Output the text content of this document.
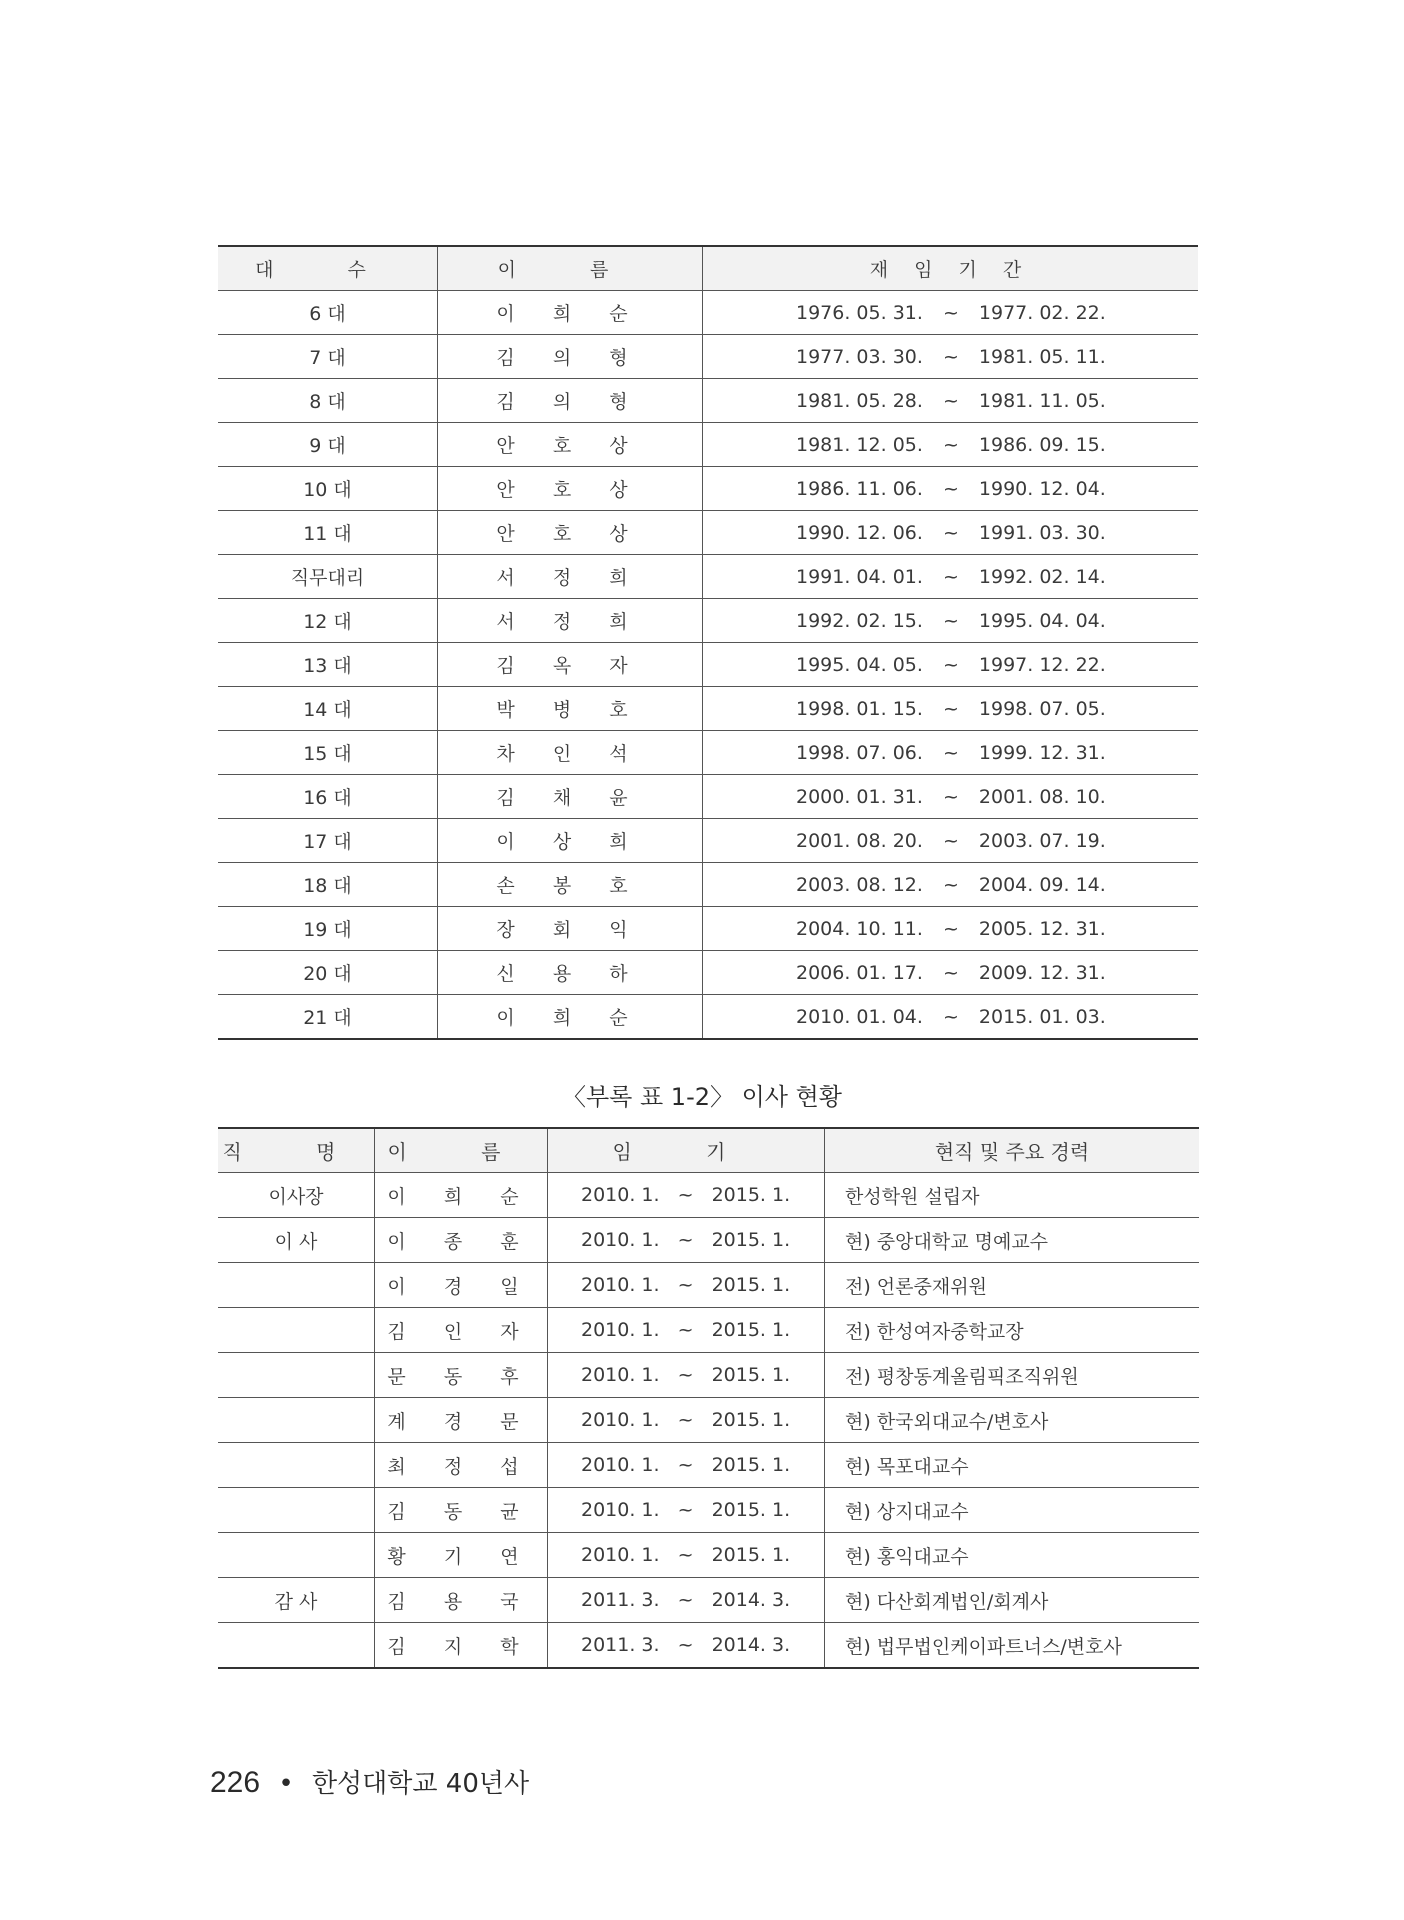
대 수	이 름	재 임 기 간
6 대	이 희 순	1976. 05. 31. ~ 1977. 02. 22.
7 대	김 의 형	1977. 03. 30. ~ 1981. 05. 11.
8 대	김 의 형	1981. 05. 28. ~ 1981. 11. 05.
9 대	안 호 상	1981. 12. 05. ~ 1986. 09. 15.
10 대	안 호 상	1986. 11. 06. ~ 1990. 12. 04.
11 대	안 호 상	1990. 12. 06. ~ 1991. 03. 30.
직무대리	서 정 희	1991. 04. 01. ~ 1992. 02. 14.
12 대	서 정 희	1992. 02. 15. ~ 1995. 04. 04.
13 대	김 옥 자	1995. 04. 05. ~ 1997. 12. 22.
14 대	박 병 호	1998. 01. 15. ~ 1998. 07. 05.
15 대	차 인 석	1998. 07. 06. ~ 1999. 12. 31.
16 대	김 채 윤	2000. 01. 31. ~ 2001. 08. 10.
17 대	이 상 희	2001. 08. 20. ~ 2003. 07. 19.
18 대	손 봉 호	2003. 08. 12. ~ 2004. 09. 14.
19 대	장 회 익	2004. 10. 11. ~ 2005. 12. 31.
20 대	신 용 하	2006. 01. 17. ~ 2009. 12. 31.
21 대	이 희 순	2010. 01. 04. ~ 2015. 01. 03.
〈부록 표 1-2〉 이사 현황
직 명	이 름	임 기	현직 및 주요 경력
이사장	이 희 순	2010. 1. ~ 2015. 1.	한성학원 설립자
이 사	이 종 훈	2010. 1. ~ 2015. 1.	현) 중앙대학교 명예교수
	이 경 일	2010. 1. ~ 2015. 1.	전) 언론중재위원
	김 인 자	2010. 1. ~ 2015. 1.	전) 한성여자중학교장
	문 동 후	2010. 1. ~ 2015. 1.	전) 평창동계올림픽조직위원
	계 경 문	2010. 1. ~ 2015. 1.	현) 한국외대교수/변호사
	최 정 섭	2010. 1. ~ 2015. 1.	현) 목포대교수
	김 동 균	2010. 1. ~ 2015. 1.	현) 상지대교수
	황 기 연	2010. 1. ~ 2015. 1.	현) 홍익대교수
감 사	김 용 국	2011. 3. ~ 2014. 3.	현) 다산회계법인/회계사
	김 지 학	2011. 3. ~ 2014. 3.	현) 법무법인케이파트너스/변호사
226 • 한성대학교 40년사
